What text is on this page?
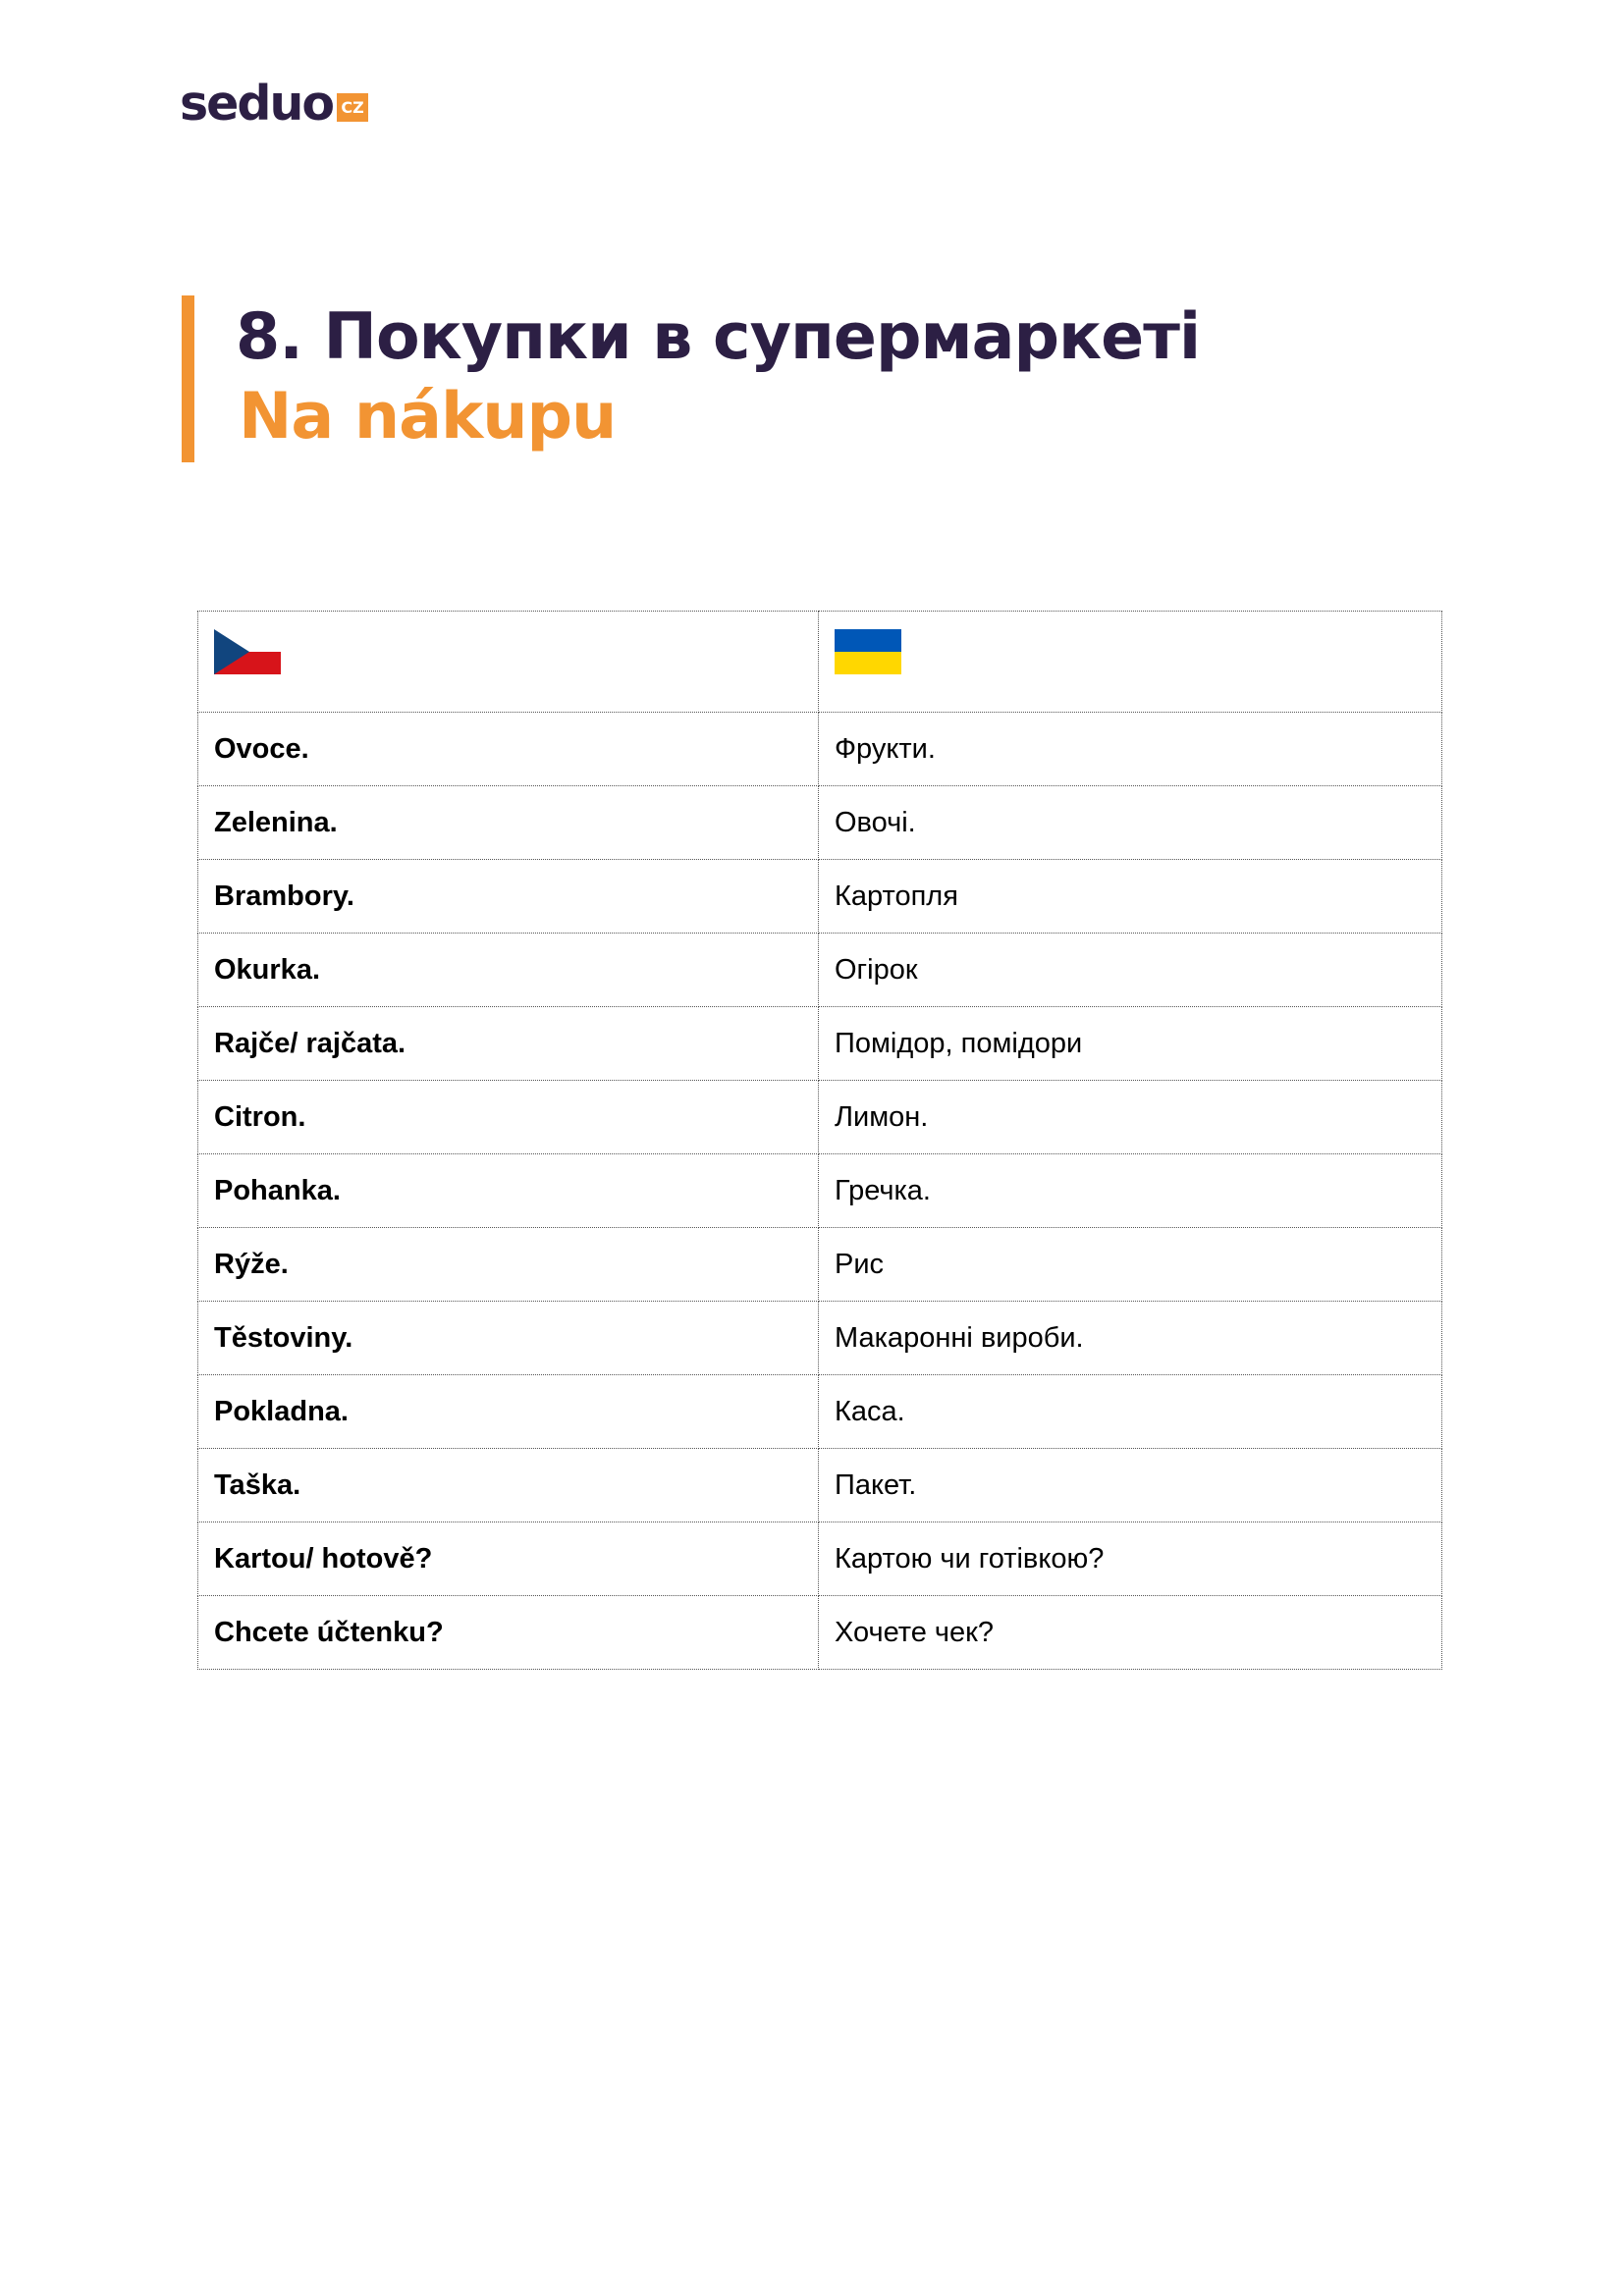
seduo CZ
8. Покупки в супермаркеті
Na nákupu

Ovoce.	Фрукти.
Zelenina.	Овочі.
Brambory.	Картопля
Okurka.	Огірок
Rajče/ rajčata.	Помідор, помідори
Citron.	Лимон.
Pohanka.	Гречка.
Rýže.	Рис
Těstoviny.	Макаронні вироби.
Pokladna.	Каса.
Taška.	Пакет.
Kartou/ hotově?	Картою чи готівкою?
Chcete účtenku?	Хочете чек?
